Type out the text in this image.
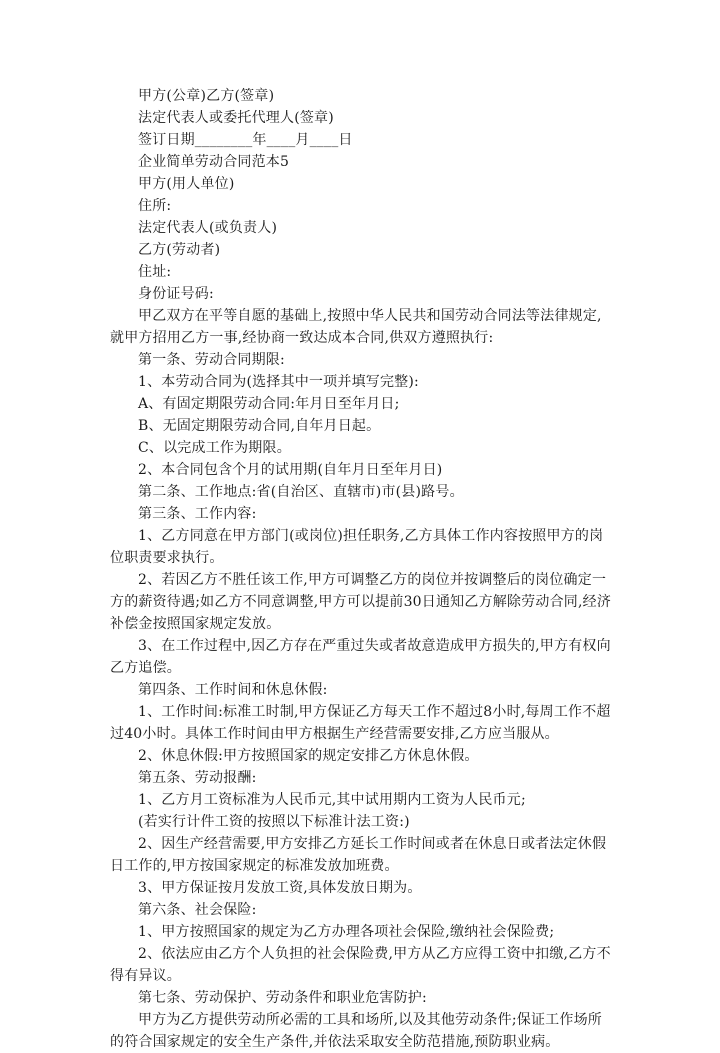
甲方(公章)乙方(签章)

法定代表人或委托代理人(签章)

签订日期________年____月____日

企业简单劳动合同范本5

甲方(用人单位)

住所:

法定代表人(或负责人)

乙方(劳动者)

住址:

身份证号码:

甲乙双方在平等自愿的基础上,按照中华人民共和国劳动合同法等法律规定,就甲方招用乙方一事,经协商一致达成本合同,供双方遵照执行:

第一条、劳动合同期限:

1、本劳动合同为(选择其中一项并填写完整):

A、有固定期限劳动合同:年月日至年月日;

B、无固定期限劳动合同,自年月日起。

C、以完成工作为期限。

2、本合同包含个月的试用期(自年月日至年月日)

第二条、工作地点:省(自治区、直辖市)市(县)路号。

第三条、工作内容:

1、乙方同意在甲方部门(或岗位)担任职务,乙方具体工作内容按照甲方的岗位职责要求执行。

2、若因乙方不胜任该工作,甲方可调整乙方的岗位并按调整后的岗位确定一方的薪资待遇;如乙方不同意调整,甲方可以提前30日通知乙方解除劳动合同,经济补偿金按照国家规定发放。

3、在工作过程中,因乙方存在严重过失或者故意造成甲方损失的,甲方有权向乙方追偿。

第四条、工作时间和休息休假:

1、工作时间:标准工时制,甲方保证乙方每天工作不超过8小时,每周工作不超过40小时。具体工作时间由甲方根据生产经营需要安排,乙方应当服从。

2、休息休假:甲方按照国家的规定安排乙方休息休假。

第五条、劳动报酬:

1、乙方月工资标准为人民币元,其中试用期内工资为人民币元;

(若实行计件工资的按照以下标准计法工资:)

2、因生产经营需要,甲方安排乙方延长工作时间或者在休息日或者法定休假日工作的,甲方按国家规定的标准发放加班费。

3、甲方保证按月发放工资,具体发放日期为。

第六条、社会保险:

1、甲方按照国家的规定为乙方办理各项社会保险,缴纳社会保险费;

2、依法应由乙方个人负担的社会保险费,甲方从乙方应得工资中扣缴,乙方不得有异议。

第七条、劳动保护、劳动条件和职业危害防护:

甲方为乙方提供劳动所必需的工具和场所,以及其他劳动条件;保证工作场所的符合国家规定的安全生产条件,并依法采取安全防范措施,预防职业病。
